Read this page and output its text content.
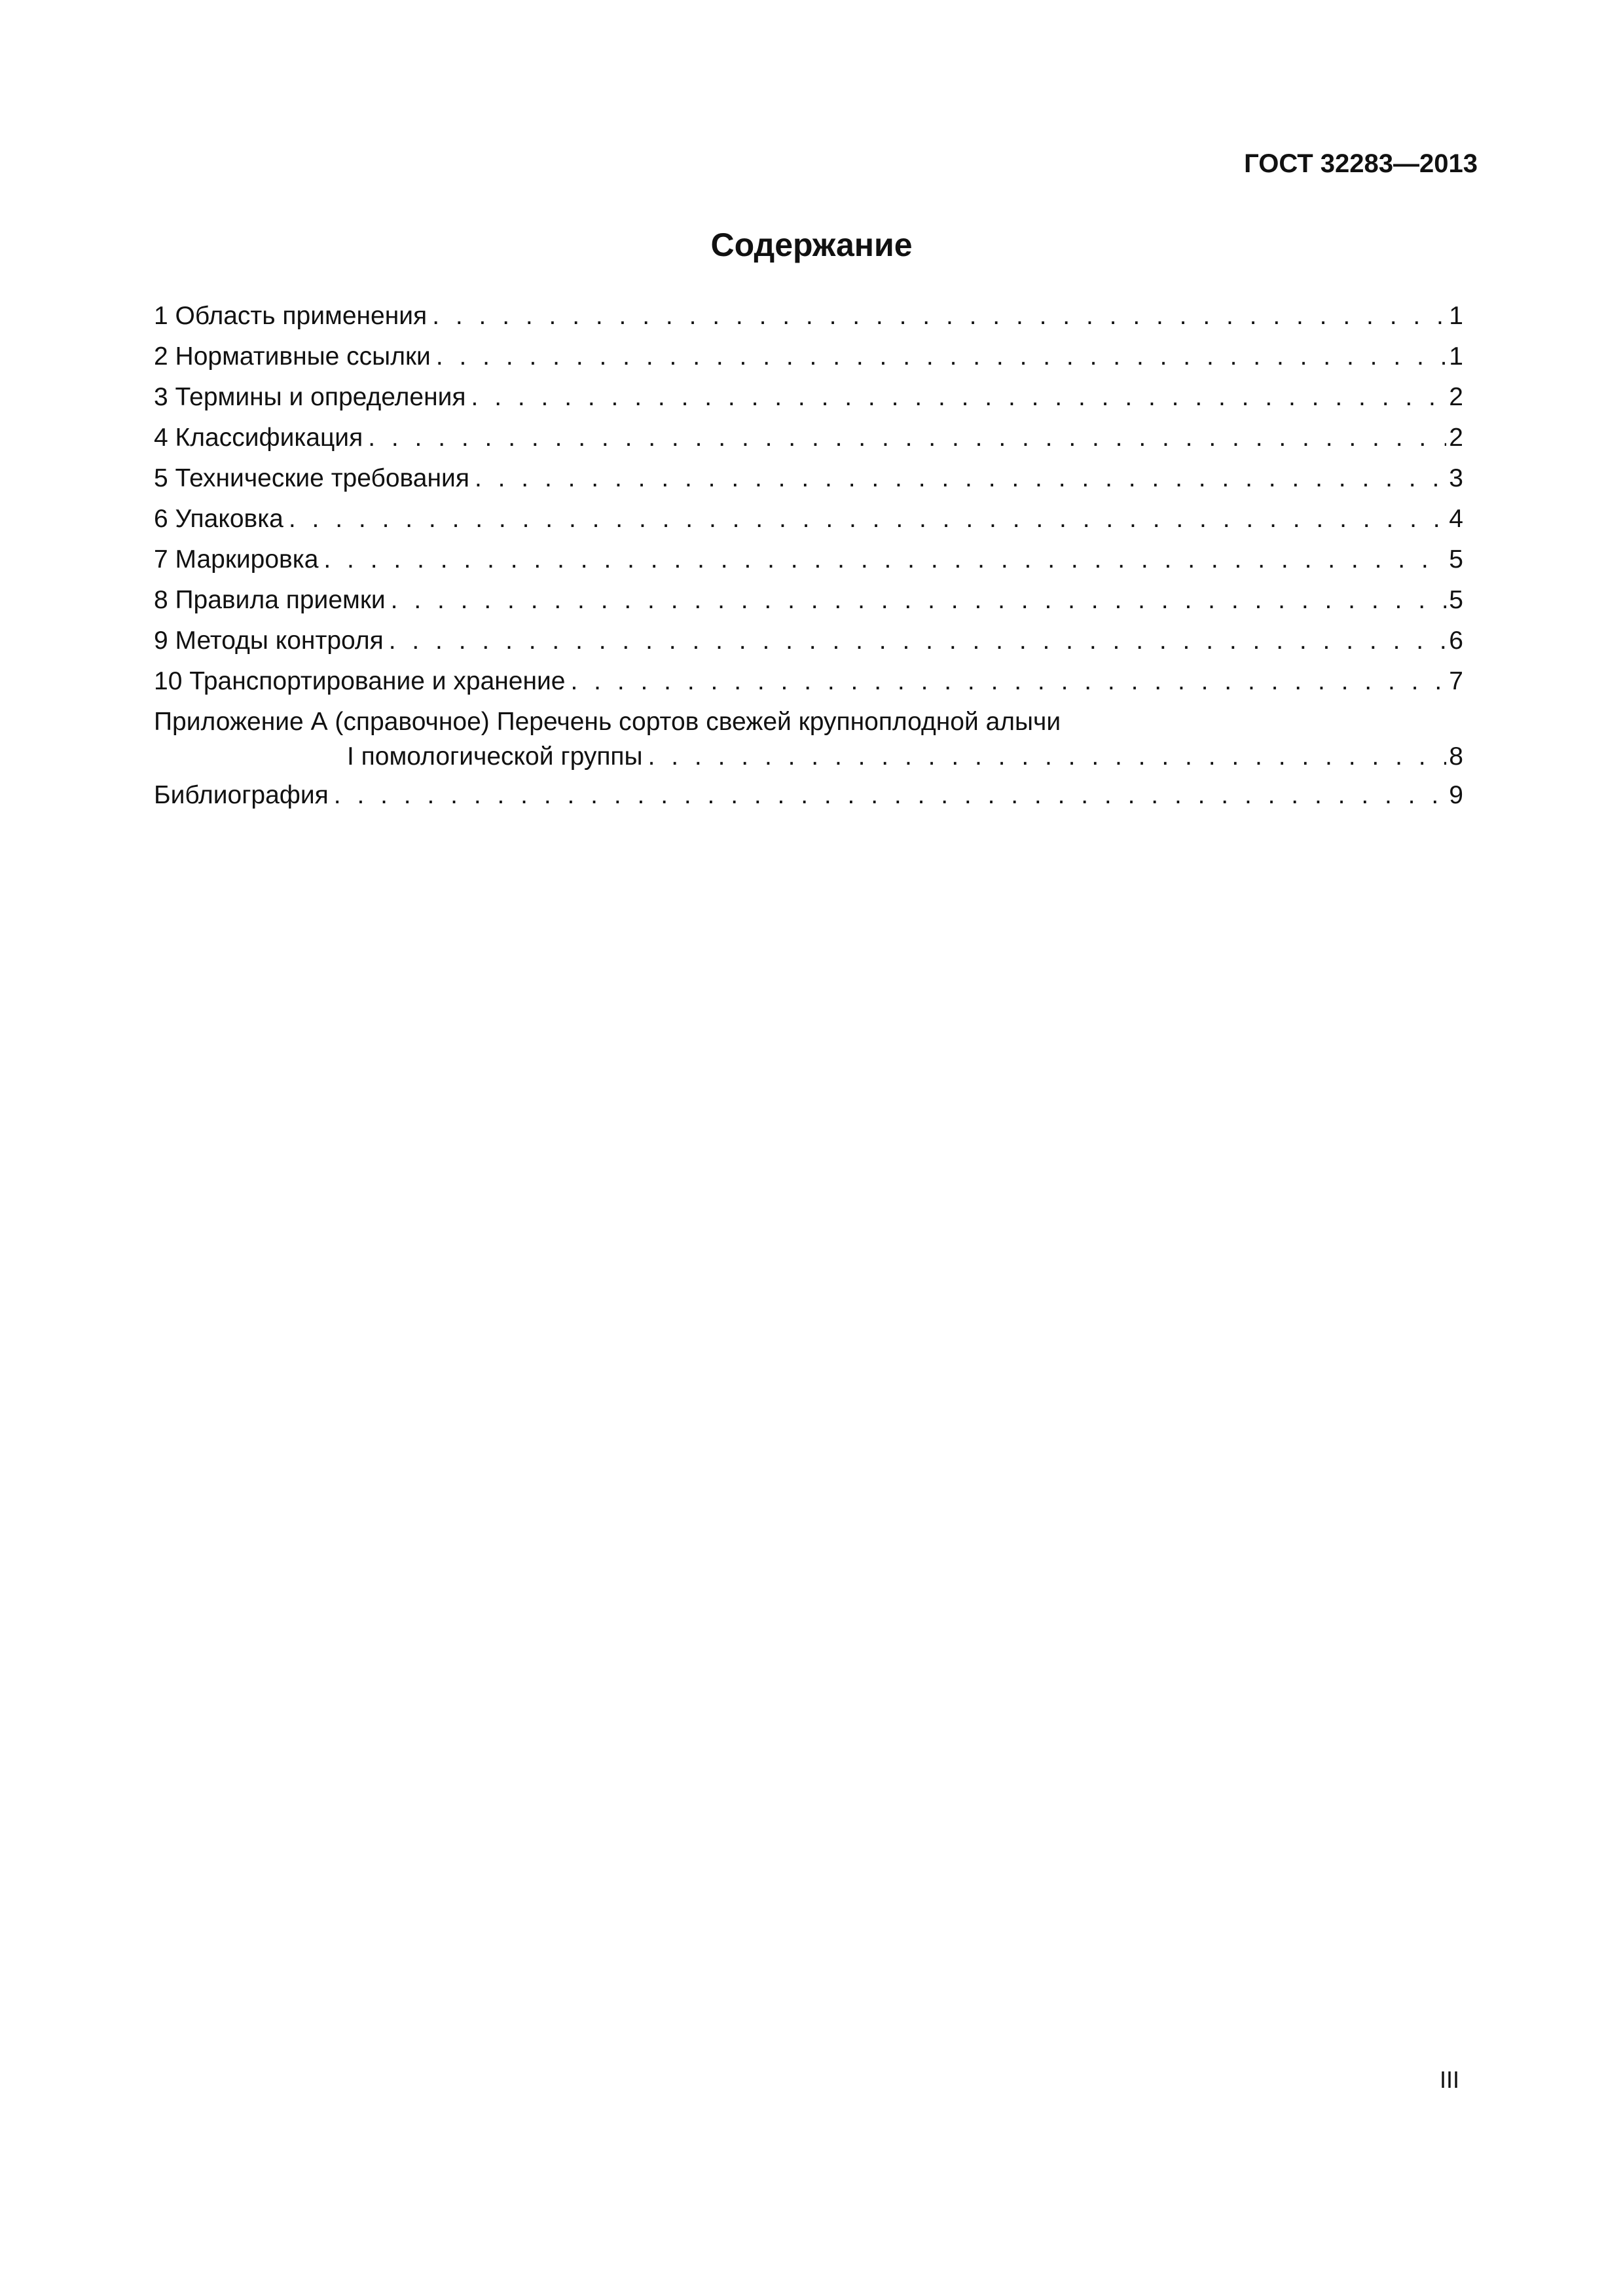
ГОСТ 32283—2013
Содержание
1 Область применения . . .	1
2 Нормативные ссылки . . .	1
3 Термины и определения . . .	2
4 Классификация . . .	2
5 Технические требования . . .	3
6 Упаковка . . .	4
7 Маркировка . . .	5
8 Правила приемки . . .	5
9 Методы контроля . . .	6
10 Транспортирование и хранение . . .	7
Приложение А (справочное) Перечень сортов свежей крупноплодной алычи
I помологической группы . . .	8
Библиография . . .	9
III
